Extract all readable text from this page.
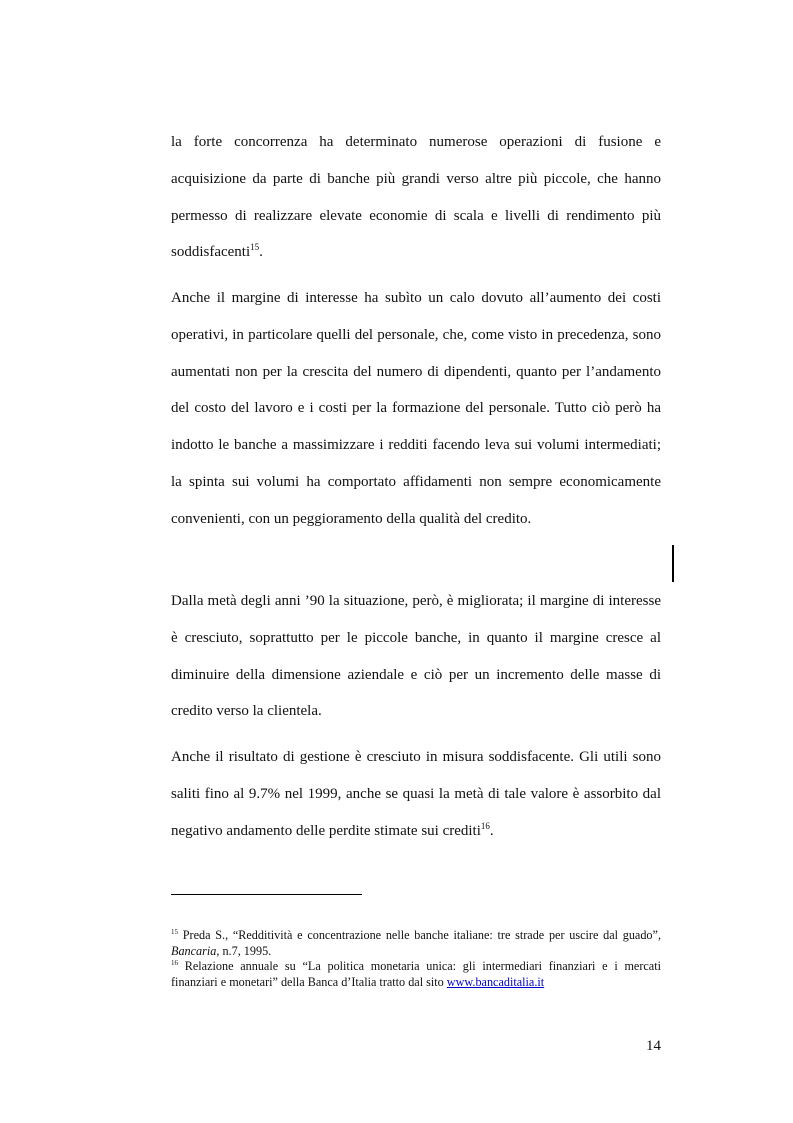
la forte concorrenza ha determinato numerose operazioni di fusione e acquisizione da parte di banche più grandi verso altre più piccole, che hanno permesso di realizzare elevate economie di scala e livelli di rendimento più soddisfacenti$^{15}$.

Anche il margine di interesse ha subìto un calo dovuto all’aumento dei costi operativi, in particolare quelli del personale, che, come visto in precedenza, sono aumentati non per la crescita del numero di dipendenti, quanto per l’andamento del costo del lavoro e i costi per la formazione del personale. Tutto ciò però ha indotto le banche a massimizzare i redditi facendo leva sui volumi intermediati; la spinta sui volumi ha comportato affidamenti non sempre economicamente convenienti, con un peggioramento della qualità del credito.

Dalla metà degli anni ’90 la situazione, però, è migliorata; il margine di interesse è cresciuto, soprattutto per le piccole banche, in quanto il margine cresce al diminuire della dimensione aziendale e ciò per un incremento delle masse di credito verso la clientela.

Anche il risultato di gestione è cresciuto in misura soddisfacente. Gli utili sono saliti fino al 9.7% nel 1999, anche se quasi la metà di tale valore è assorbito dal negativo andamento delle perdite stimate sui crediti$^{16}$.

$^{15}$ Preda S., “Redditività e concentrazione nelle banche italiane: tre strade per uscire dal guado”, Bancaria, n.7, 1995.

$^{16}$ Relazione annuale su “La politica monetaria unica: gli intermediari finanziari e i mercati finanziari e monetari” della Banca d’Italia tratto dal sito www.bancaditalia.it

14
